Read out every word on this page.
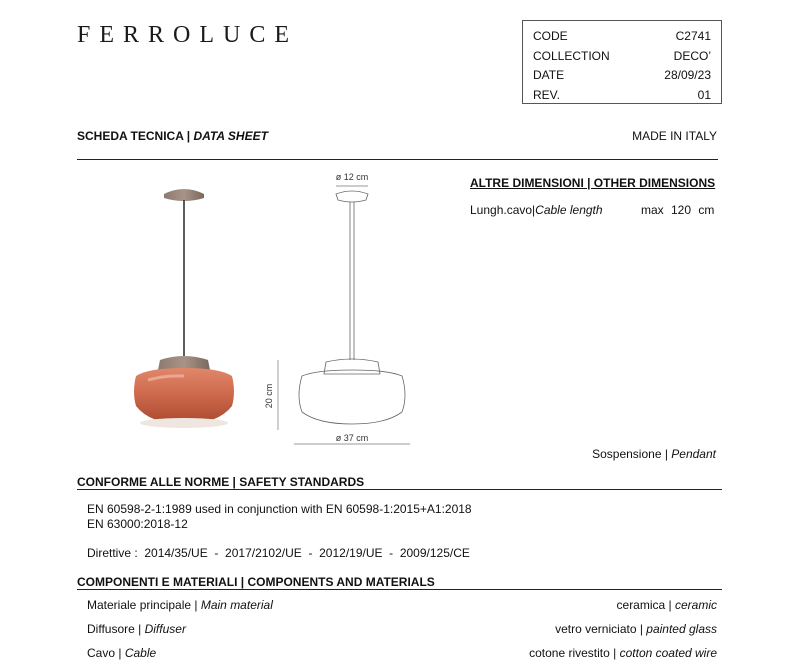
FERROLUCE	CODE	C2741
COLLECTION	DECO’
DATE	28/09/23
REV.	01
SCHEDA TECNICA | DATA SHEET	MADE IN ITALY
ø 12 cm
20 cm
ø 37 cm
ALTRE DIMENSIONI | OTHER DIMENSIONS
Lungh.cavo|Cable length	max 120 cm
Sospensione | Pendant
CONFORME ALLE NORME | SAFETY STANDARDS
EN 60598-2-1:1989 used in conjunction with EN 60598-1:2015+A1:2018
EN 63000:2018-12
Direttive :  2014/35/UE  -  2017/2102/UE  -  2012/19/UE  -  2009/125/CE
COMPONENTI E MATERIALI | COMPONENTS AND MATERIALS
Materiale principale | Main material	ceramica | ceramic
Diffusore | Diffuser	vetro verniciato | painted glass
Cavo | Cable	cotone rivestito | cotton coated wire
